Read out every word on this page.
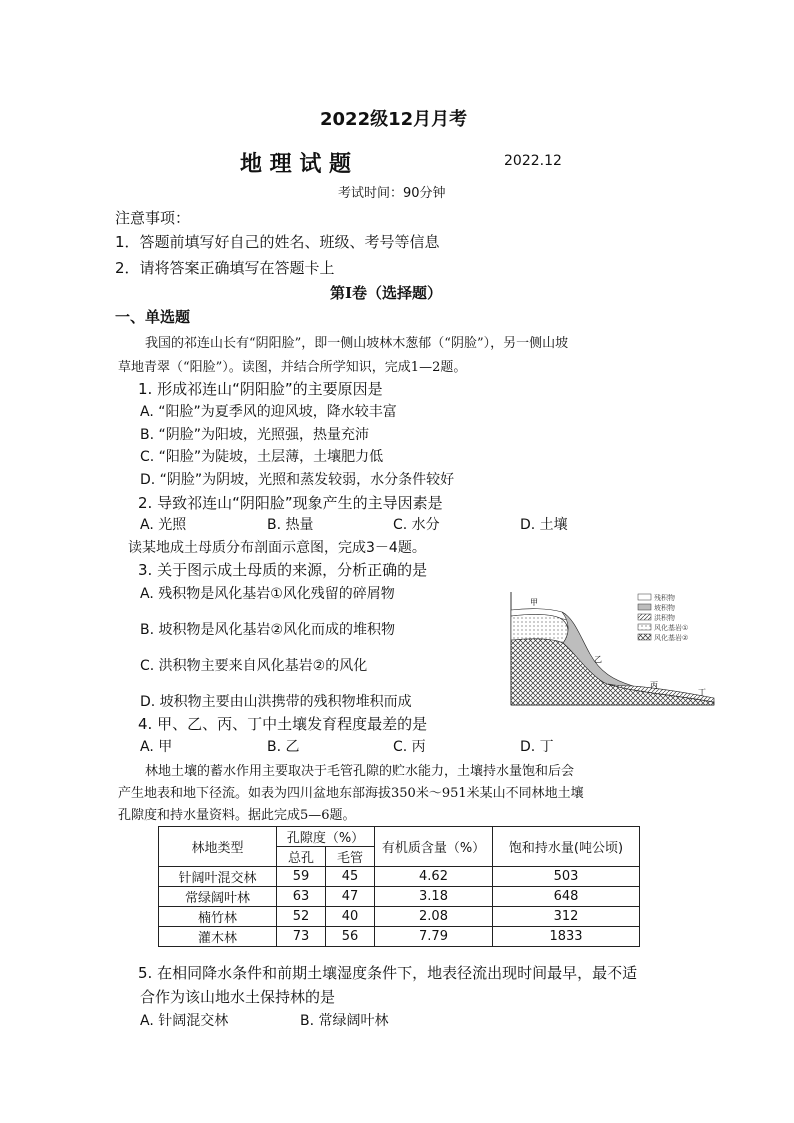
2022级12月月考
地 理 试 题	2022.12
考试时间：90分钟
注意事项：
1．答题前填写好自己的姓名、班级、考号等信息
2．请将答案正确填写在答题卡上
第Ⅰ卷（选择题）
一、单选题
我国的祁连山长有“阴阳脸”，即一侧山坡林木葱郁（“阴脸”），另一侧山坡
草地青翠（“阳脸”）。读图，并结合所学知识，完成1—2题。
1. 形成祁连山“阴阳脸”的主要原因是
A. “阳脸”为夏季风的迎风坡，降水较丰富
B. “阴脸”为阳坡，光照强，热量充沛
C. “阳脸”为陡坡，土层薄，土壤肥力低
D. “阴脸”为阴坡，光照和蒸发较弱，水分条件较好
2. 导致祁连山“阴阳脸”现象产生的主导因素是
A. 光照	B. 热量	C. 水分	D. 土壤
读某地成土母质分布剖面示意图，完成3－4题。
3. 关于图示成土母质的来源，分析正确的是
A. 残积物是风化基岩①风化残留的碎屑物
B. 坡积物是风化基岩②风化而成的堆积物
C. 洪积物主要来自风化基岩②的风化
D. 坡积物主要由山洪携带的残积物堆积而成
4. 甲、乙、丙、丁中土壤发育程度最差的是
A. 甲	B. 乙	C. 丙	D. 丁
甲
乙
丙
丁
残积物
坡积物
洪积物
风化基岩①
风化基岩②
林地土壤的蓄水作用主要取决于毛管孔隙的贮水能力，土壤持水量饱和后会
产生地表和地下径流。如表为四川盆地东部海拔350米～951米某山不同林地土壤
孔隙度和持水量资料。据此完成5—6题。
林地类型	孔隙度（%）		有机质含量（%）	饱和持水量(吨公顷)
	总孔	毛管		
针阔叶混交林	59	45	4.62	503
常绿阔叶林	63	47	3.18	648
楠竹林	52	40	2.08	312
灌木林	73	56	7.79	1833
5. 在相同降水条件和前期土壤湿度条件下，地表径流出现时间最早，最不适
合作为该山地水土保持林的是
A. 针阔混交林	B. 常绿阔叶林
